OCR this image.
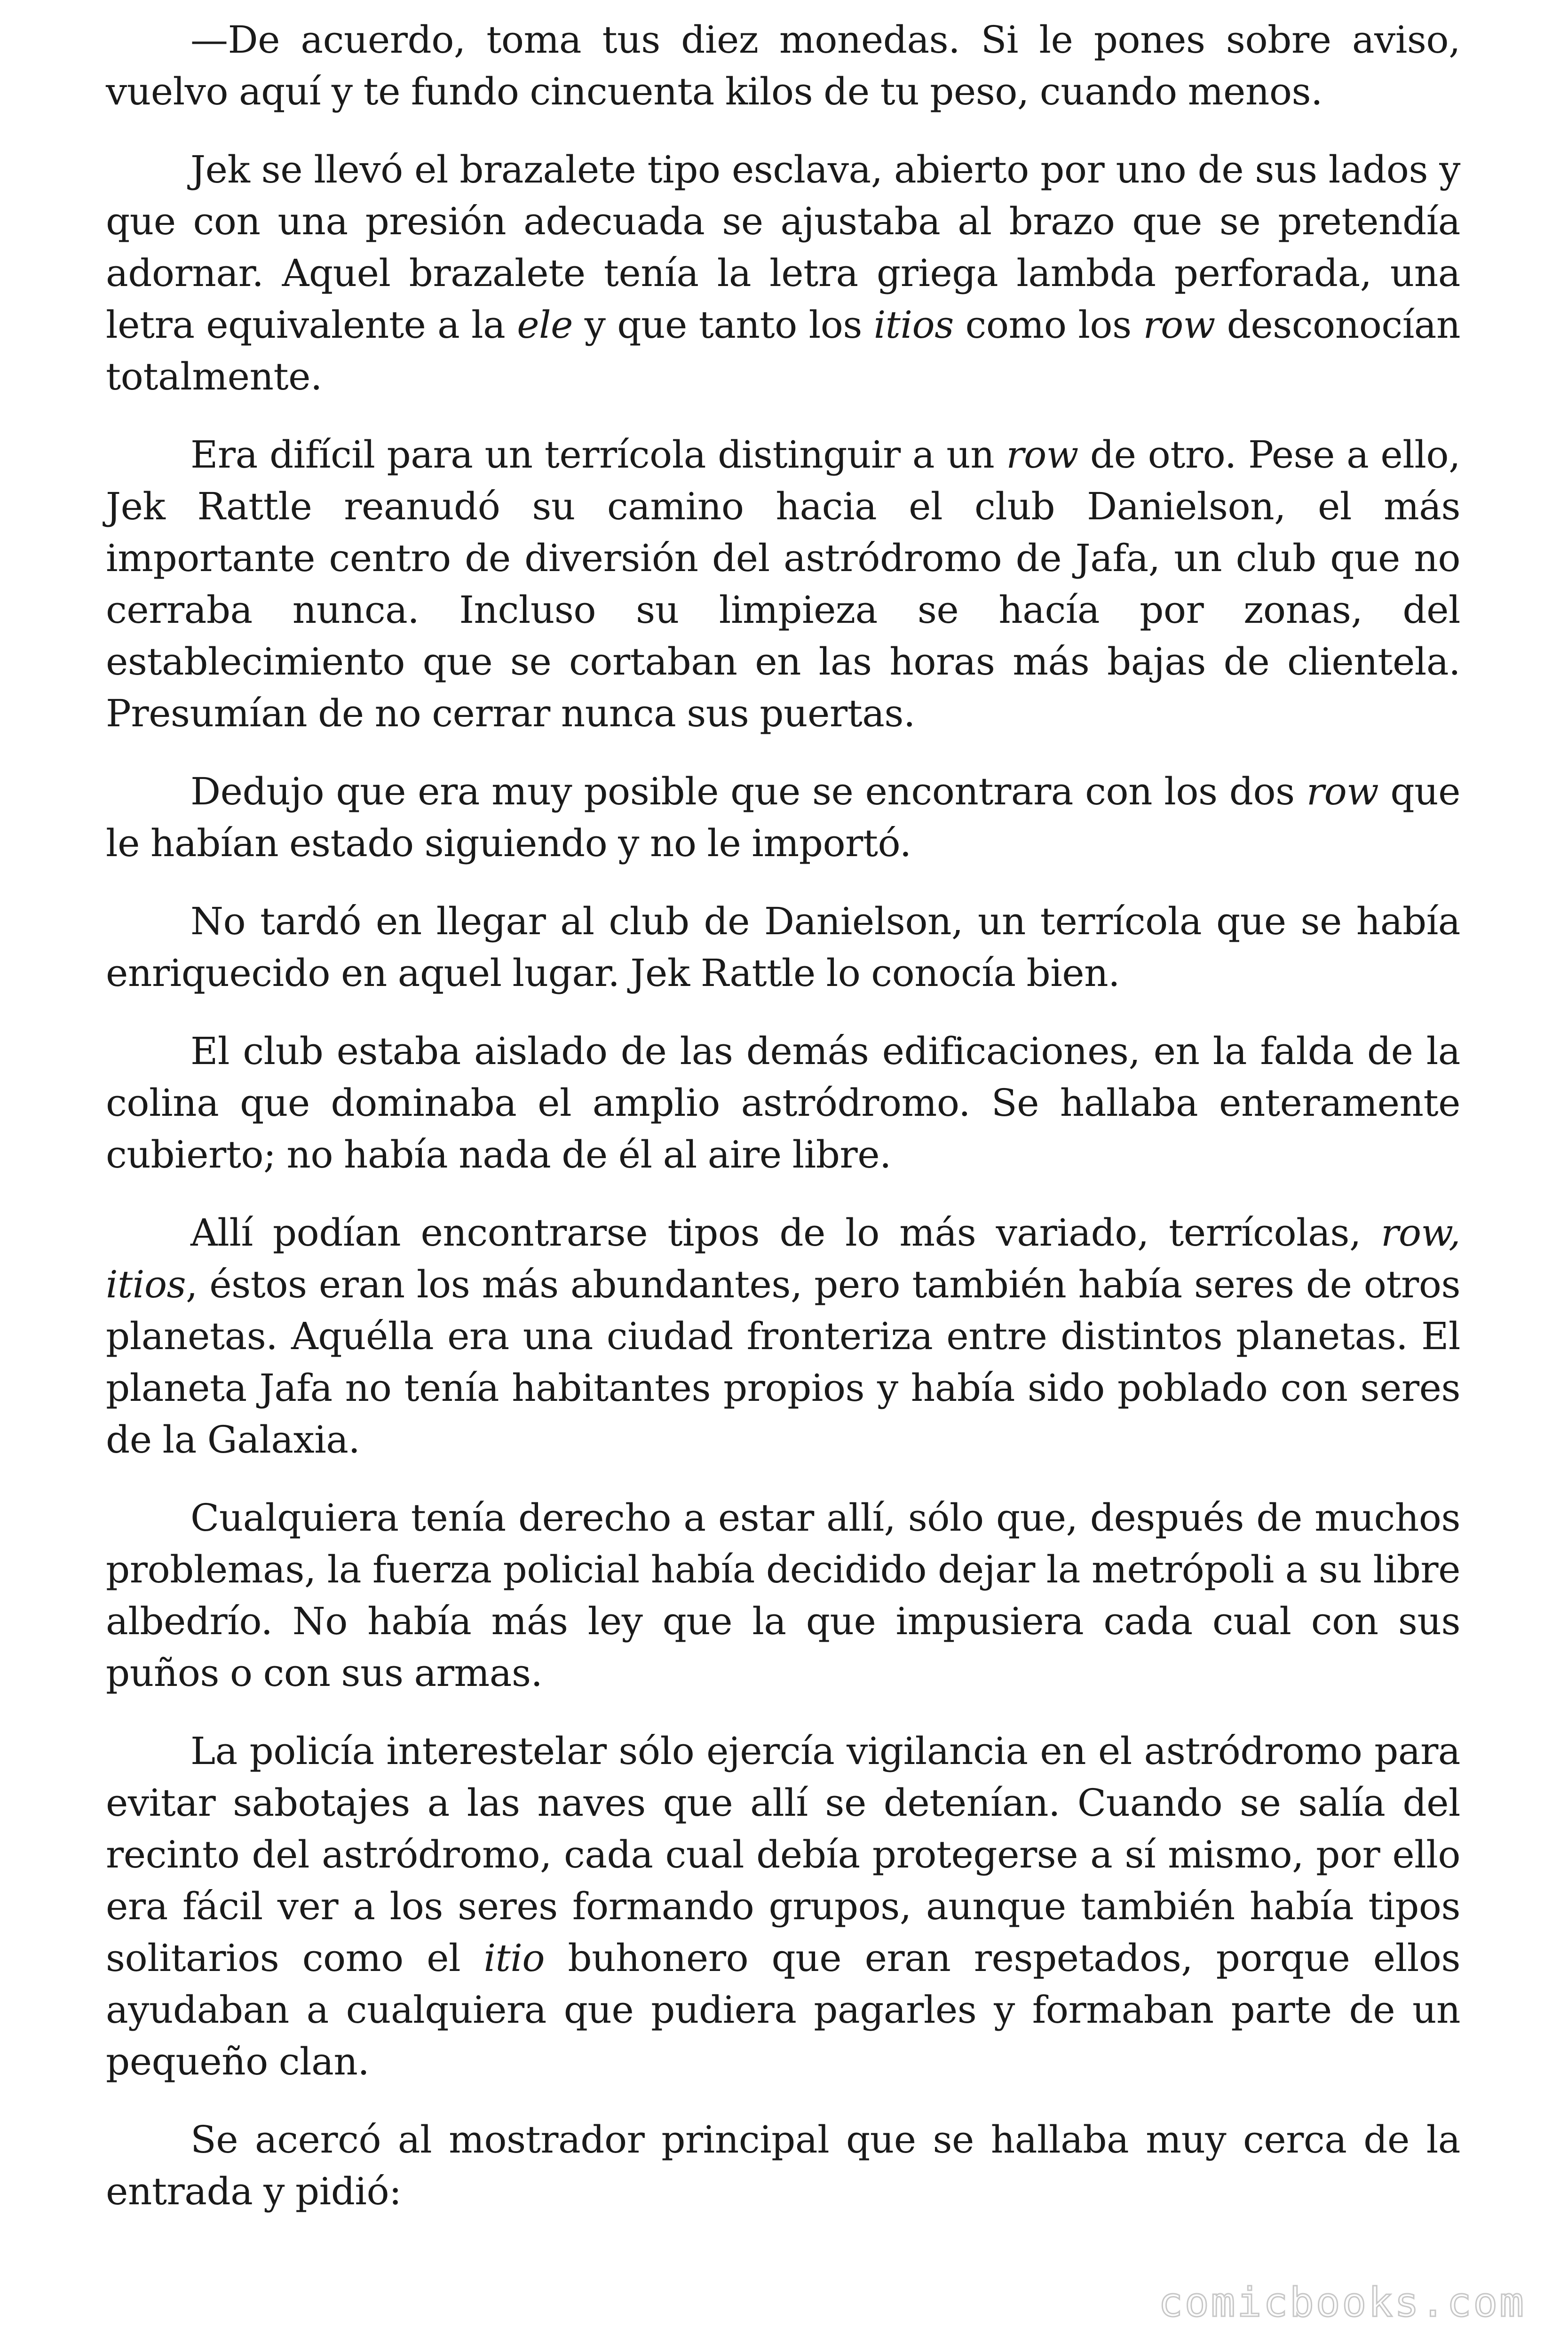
—De acuerdo, toma tus diez monedas. Si le pones sobre aviso, vuelvo aquí y te fundo cincuenta kilos de tu peso, cuando menos.

Jek se llevó el brazalete tipo esclava, abierto por uno de sus lados y que con una presión adecuada se ajustaba al brazo que se pretendía adornar. Aquel brazalete tenía la letra griega lambda perforada, una letra equivalente a la ele y que tanto los itios como los row desconocían totalmente.

Era difícil para un terrícola distinguir a un row de otro. Pese a ello, Jek Rattle reanudó su camino hacia el club Danielson, el más importante centro de diversión del astródromo de Jafa, un club que no cerraba nunca. Incluso su limpieza se hacía por zonas, del establecimiento que se cortaban en las horas más bajas de clientela. Presumían de no cerrar nunca sus puertas.

Dedujo que era muy posible que se encontrara con los dos row que le habían estado siguiendo y no le importó.

No tardó en llegar al club de Danielson, un terrícola que se había enriquecido en aquel lugar. Jek Rattle lo conocía bien.

El club estaba aislado de las demás edificaciones, en la falda de la colina que dominaba el amplio astródromo. Se hallaba enteramente cubierto; no había nada de él al aire libre.

Allí podían encontrarse tipos de lo más variado, terrícolas, row, itios, éstos eran los más abundantes, pero también había seres de otros planetas. Aquélla era una ciudad fronteriza entre distintos planetas. El planeta Jafa no tenía habitantes propios y había sido poblado con seres de la Galaxia.

Cualquiera tenía derecho a estar allí, sólo que, después de muchos problemas, la fuerza policial había decidido dejar la metrópoli a su libre albedrío. No había más ley que la que impusiera cada cual con sus puños o con sus armas.

La policía interestelar sólo ejercía vigilancia en el astródromo para evitar sabotajes a las naves que allí se detenían. Cuando se salía del recinto del astródromo, cada cual debía protegerse a sí mismo, por ello era fácil ver a los seres formando grupos, aunque también había tipos solitarios como el itio buhonero que eran respetados, porque ellos ayudaban a cualquiera que pudiera pagarles y formaban parte de un pequeño clan.

Se acercó al mostrador principal que se hallaba muy cerca de la entrada y pidió:

comicbooks.com
